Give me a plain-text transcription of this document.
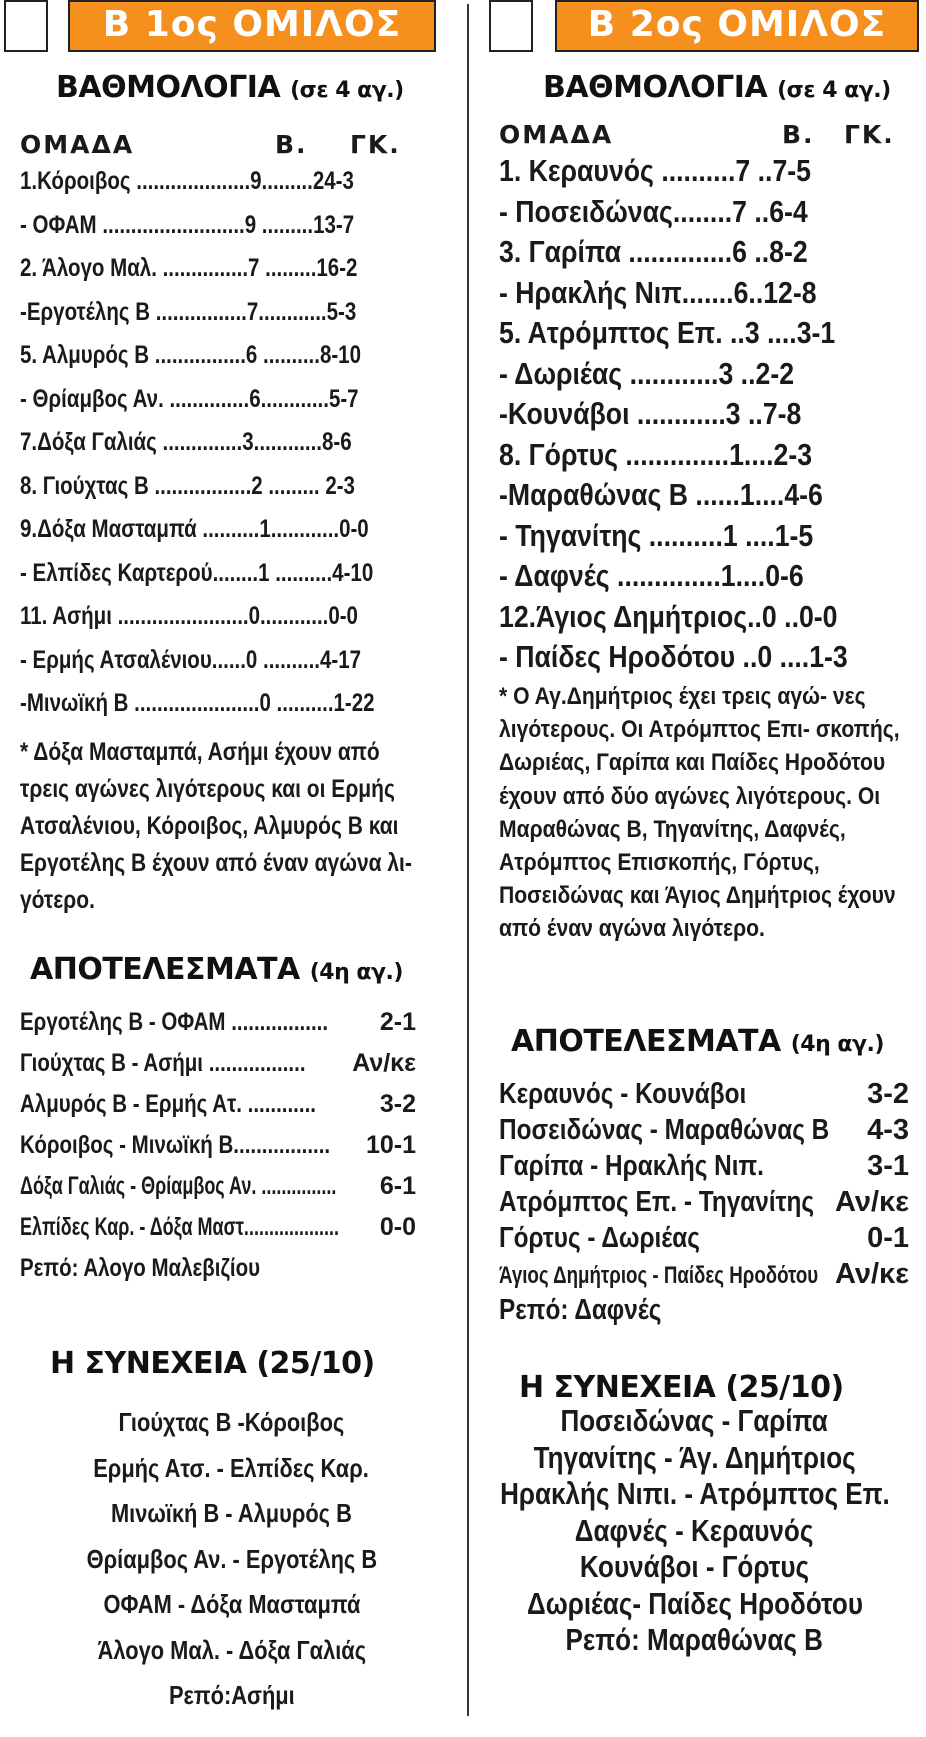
Β 1ος ΟΜΙΛΟΣ
ΒΑΘΜΟΛΟΓΙΑ (σε 4 αγ.)
ΟΜΑΔΑ	Β. ΓΚ.
1.Κόροιβος ....................9.........24-3
- ΟΦΑΜ .........................9 .........13-7
2. Άλογο Μαλ. ...............7 .........16-2
-Εργοτέλης Β ................7............5-3
5. Αλμυρός Β ................6 ..........8-10
- Θρίαμβος Αν. ..............6............5-7
7.Δόξα Γαλιάς ..............3............8-6
8. Γιούχτας Β .................2 ......... 2-3
9.Δόξα Μασταμπά ..........1............0-0
- Ελπίδες Καρτερού........1 ..........4-10
11. Ασήμι .......................0............0-0
- Ερμής Ατσαλένιου......0 ..........4-17
-Μινωϊκή Β ......................0 ..........1-22
* Δόξα Μασταμπά, Ασήμι έχουν από τρεις αγώνες λιγότερους και οι Ερμής Ατσαλένιου, Κόροιβος, Αλμυρός Β και Εργοτέλης Β έχουν από έναν αγώνα λι- γότερο.
ΑΠΟΤΕΛΕΣΜΑΤΑ (4η αγ.)
Εργοτέλης Β - ΟΦΑΜ ................. 2-1
Γιούχτας Β - Ασήμι ................. Αν/κε
Αλμυρός Β - Ερμής Ατ. ............	3-2
Κόροιβος - Μινωϊκή Β................. 10-1
Δόξα Γαλιάς - Θρίαμβος Αν. ............... 6-1
Ελπίδες Καρ. - Δόξα Μαστ................... 0-0
Ρεπό: Αλογο Μαλεβιζίου
Η ΣΥΝΕΧΕΙΑ (25/10)
Γιούχτας Β -Κόροιβος
Ερμής Ατσ. - Ελπίδες Καρ.
Μινωϊκή Β - Αλμυρός Β
Θρίαμβος Αν. - Εργοτέλης Β
ΟΦΑΜ - Δόξα Μασταμπά
Άλογο Μαλ. - Δόξα Γαλιάς
Ρεπό:Ασήμι
Β 2ος ΟΜΙΛΟΣ
ΒΑΘΜΟΛΟΓΙΑ (σε 4 αγ.)
ΟΜΑΔΑ	Β. ΓΚ.
1. Κεραυνός ..........7 ..7-5
- Ποσειδώνας........7 ..6-4
3. Γαρίπα ..............6 ..8-2
- Ηρακλής Νιπ.......6..12-8
5. Ατρόμπτος Επ. ..3 ....3-1
- Δωριέας ............3 ..2-2
-Κουνάβοι ............3 ..7-8
8. Γόρτυς ..............1....2-3
-Μαραθώνας Β ......1....4-6
- Τηγανίτης ..........1 ....1-5
- Δαφνές ..............1....0-6
12.Άγιος Δημήτριος..0 ..0-0
- Παίδες Ηροδότου ..0 ....1-3
* Ο Αγ.Δημήτριος έχει τρεις αγώ- νες λιγότερους. Οι Ατρόμπτος Επι- σκοπής, Δωριέας, Γαρίπα και Παίδες Ηροδότου έχουν από δύο αγώνες λιγότερους. Οι Μαραθώνας Β, Τηγανίτης, Δαφνές, Ατρόμπτος Επισκοπής, Γόρτυς, Ποσειδώνας και Άγιος Δημήτριος έχουν από έναν αγώνα λιγότερο.
ΑΠΟΤΕΛΕΣΜΑΤΑ (4η αγ.)
Κεραυνός - Κουνάβοι	3-2
Ποσειδώνας - Μαραθώνας Β 4-3
Γαρίπα - Ηρακλής Νιπ.	3-1
Ατρόμπτος Επ. - Τηγανίτης Αν/κε
Γόρτυς - Δωριέας	0-1
Άγιος Δημήτριος - Παίδες Ηροδότου Αν/κε
Ρεπό: Δαφνές
Η ΣΥΝΕΧΕΙΑ (25/10)
Ποσειδώνας - Γαρίπα
Τηγανίτης - Άγ. Δημήτριος
Ηρακλής Νιπι. - Ατρόμπτος Επ.
Δαφνές - Κεραυνός
Κουνάβοι - Γόρτυς
Δωριέας- Παίδες Ηροδότου
Ρεπό: Μαραθώνας Β
